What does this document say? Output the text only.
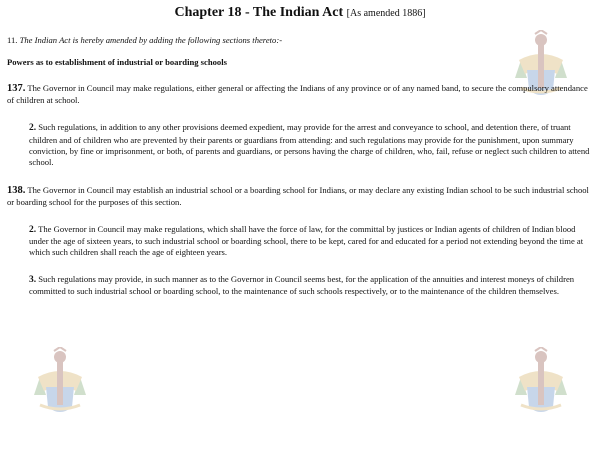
Chapter 18 - The Indian Act [As amended 1886]

11. The Indian Act is hereby amended by adding the following sections thereto:-

Powers as to establishment of industrial or boarding schools

137. The Governor in Council may make regulations, either general or affecting the Indians of any province or of any named band, to secure the compulsory attendance of children at school.

2. Such regulations, in addition to any other provisions deemed expedient, may provide for the arrest and conveyance to school, and detention there, of truant children and of children who are prevented by their parents or guardians from attending: and such regulations may provide for the punishment, upon summary conviction, by fine or imprisonment, or both, of parents and guardians, or persons having the charge of children, who, fail, refuse or neglect such children to attend school.

138. The Governor in Council may establish an industrial school or a boarding school for Indians, or may declare any existing Indian school to be such industrial school or boarding school for the purposes of this section.

2. The Governor in Council may make regulations, which shall have the force of law, for the committal by justices or Indian agents of children of Indian blood under the age of sixteen years, to such industrial school or boarding school, there to be kept, cared for and educated for a period not extending beyond the time at which such children shall reach the age of eighteen years.

3. Such regulations may provide, in such manner as to the Governor in Council seems best, for the application of the annuities and interest moneys of children committed to such industrial school or boarding school, to the maintenance of such schools respectively, or to the maintenance of the children themselves.
